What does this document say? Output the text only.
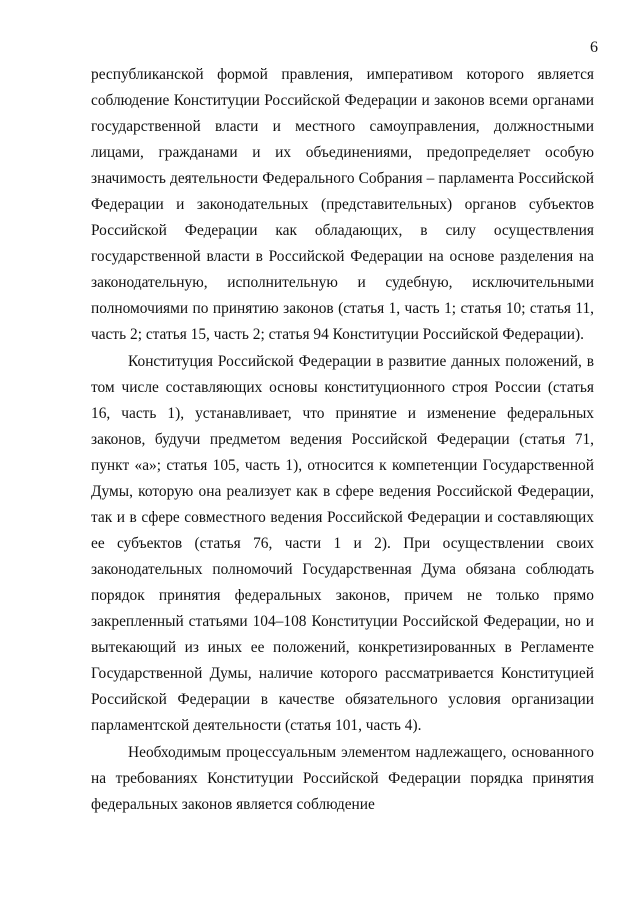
6

республиканской формой правления, императивом которого является соблюдение Конституции Российской Федерации и законов всеми органами государственной власти и местного самоуправления, должностными лицами, гражданами и их объединениями, предопределяет особую значимость деятельности Федерального Собрания – парламента Российской Федерации и законодательных (представительных) органов субъектов Российской Федерации как обладающих, в силу осуществления государственной власти в Российской Федерации на основе разделения на законодательную, исполнительную и судебную, исключительными полномочиями по принятию законов (статья 1, часть 1; статья 10; статья 11, часть 2; статья 15, часть 2; статья 94 Конституции Российской Федерации).

Конституция Российской Федерации в развитие данных положений, в том числе составляющих основы конституционного строя России (статья 16, часть 1), устанавливает, что принятие и изменение федеральных законов, будучи предметом ведения Российской Федерации (статья 71, пункт «а»; статья 105, часть 1), относится к компетенции Государственной Думы, которую она реализует как в сфере ведения Российской Федерации, так и в сфере совместного ведения Российской Федерации и составляющих ее субъектов (статья 76, части 1 и 2). При осуществлении своих законодательных полномочий Государственная Дума обязана соблюдать порядок принятия федеральных законов, причем не только прямо закрепленный статьями 104–108 Конституции Российской Федерации, но и вытекающий из иных ее положений, конкретизированных в Регламенте Государственной Думы, наличие которого рассматривается Конституцией Российской Федерации в качестве обязательного условия организации парламентской деятельности (статья 101, часть 4).

Необходимым процессуальным элементом надлежащего, основанного на требованиях Конституции Российской Федерации порядка принятия федеральных законов является соблюдение
